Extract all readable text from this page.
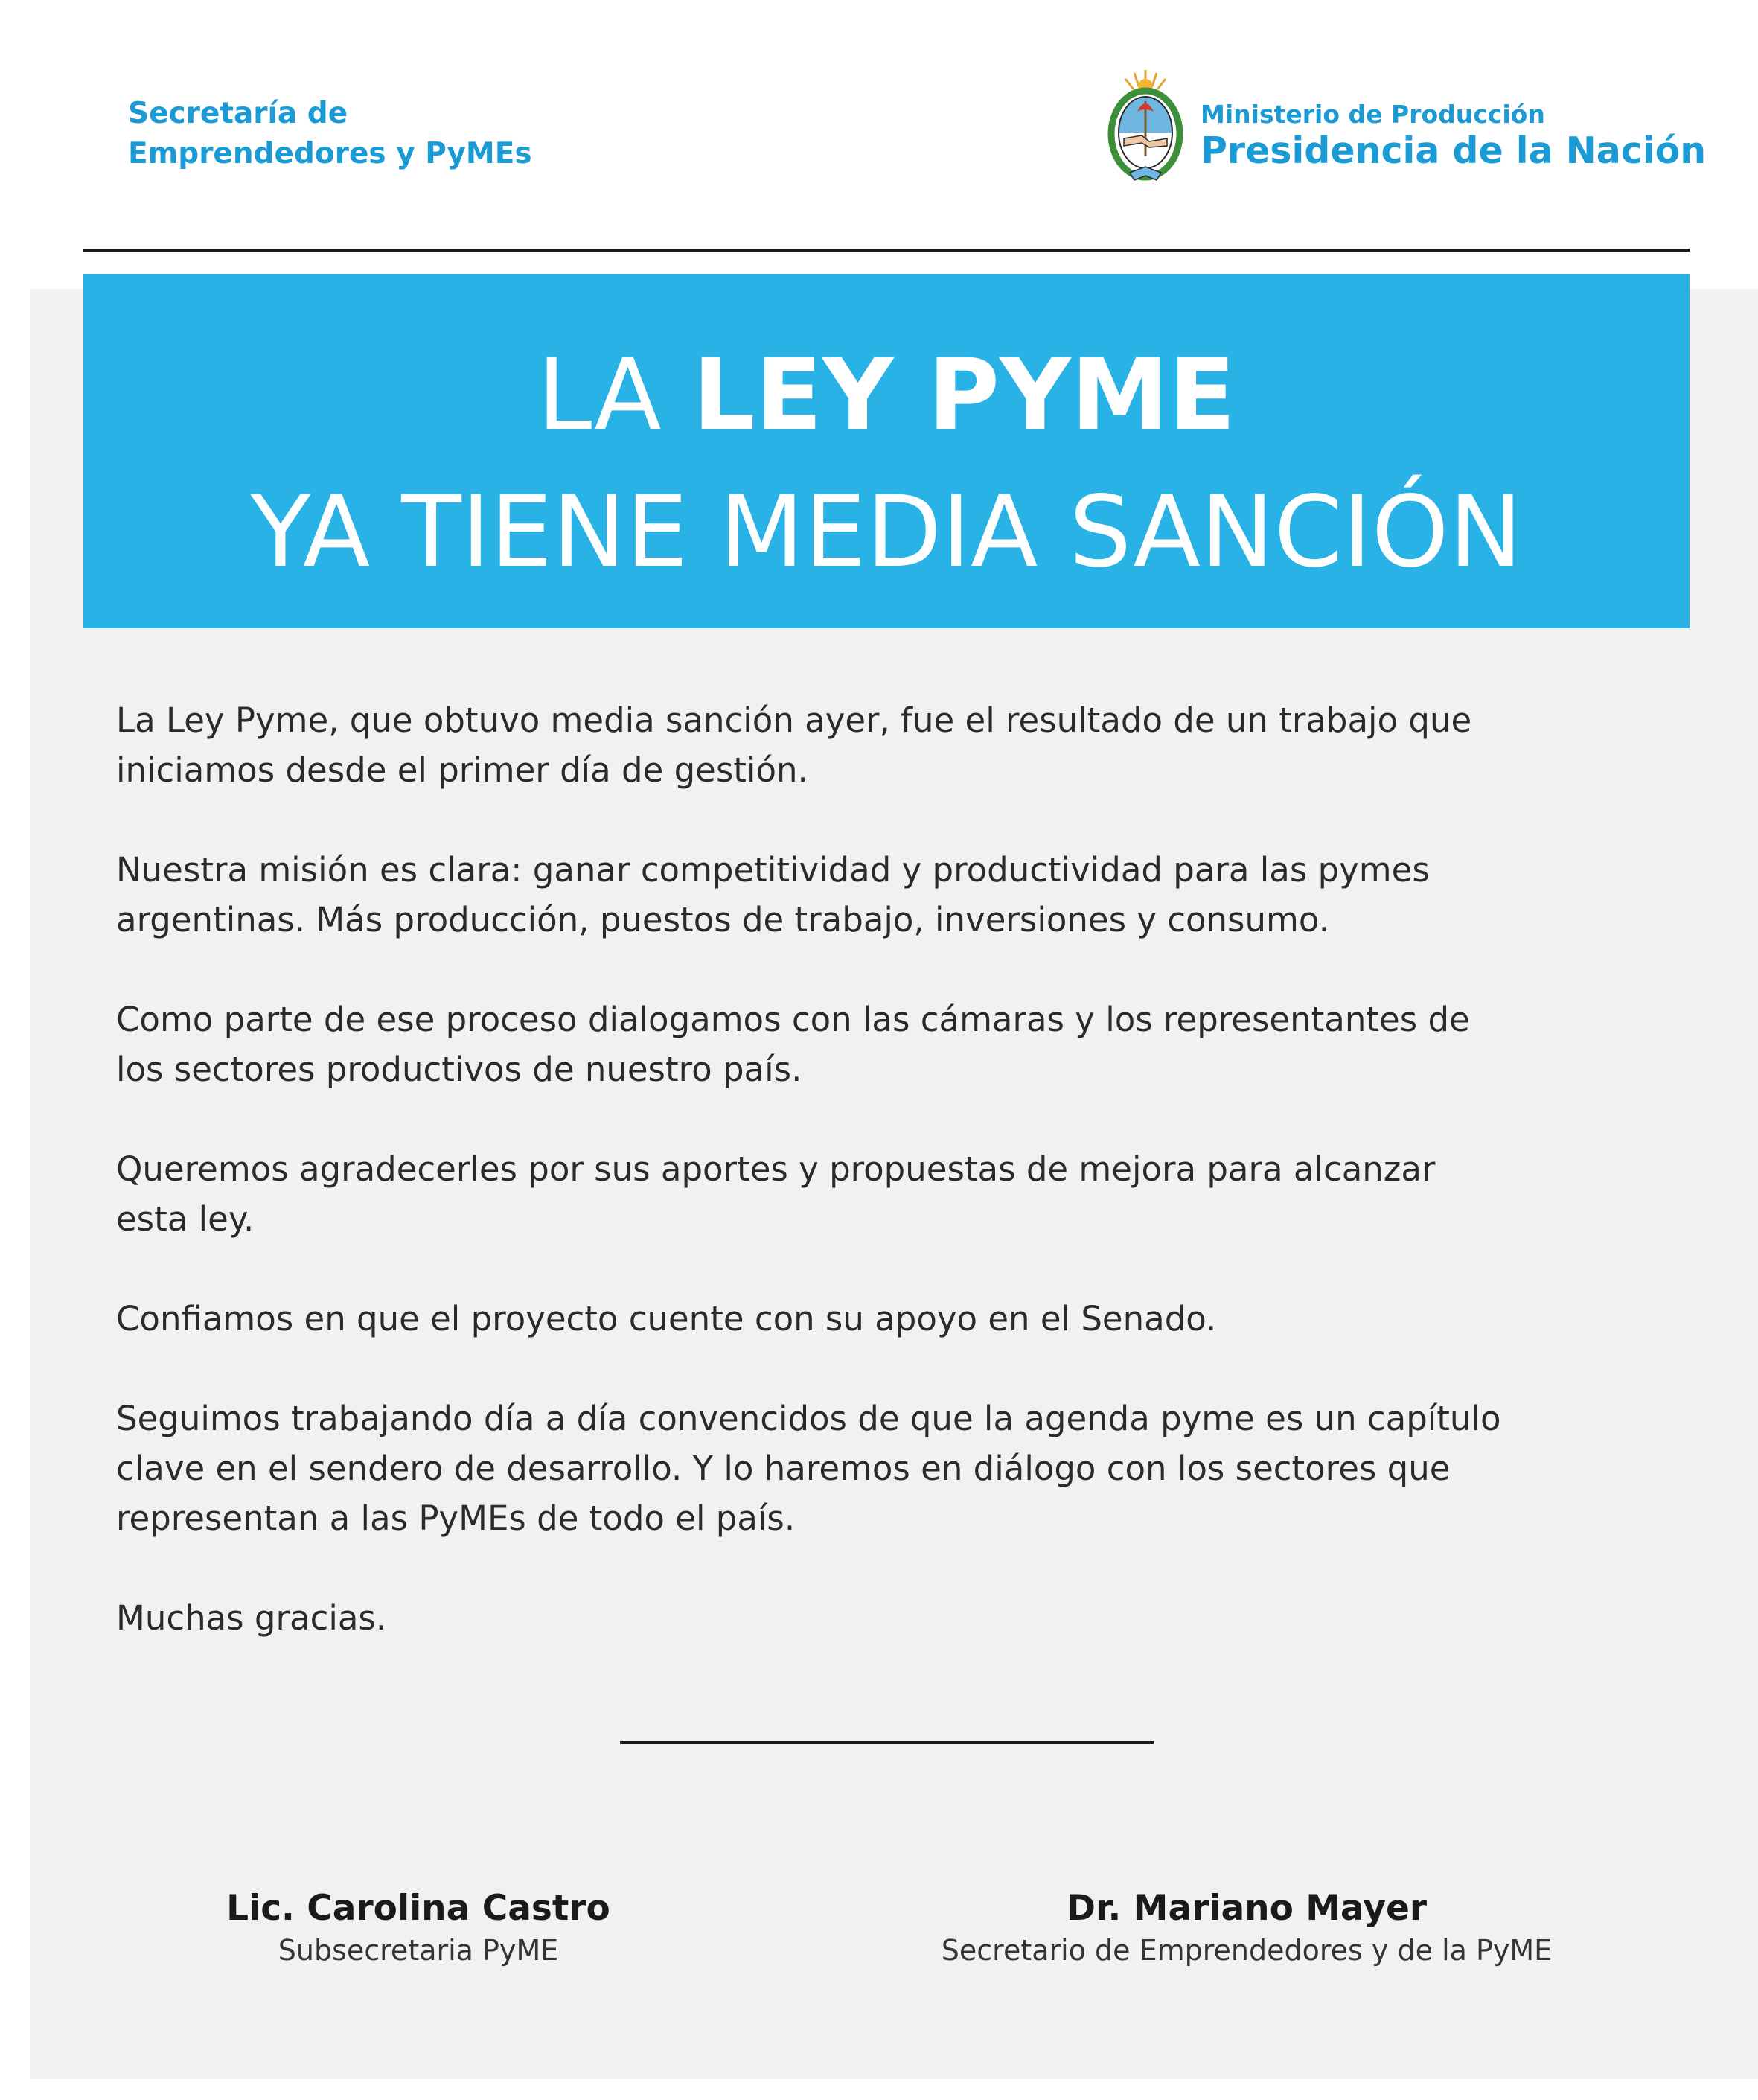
Secretaría de
Emprendedores y PyMEs
Ministerio de Producción
Presidencia de la Nación
LA LEY PYME
YA TIENE MEDIA SANCIÓN

La Ley Pyme, que obtuvo media sanción ayer, fue el resultado de un trabajo que
iniciamos desde el primer día de gestión.

Nuestra misión es clara: ganar competitividad y productividad para las pymes
argentinas. Más producción, puestos de trabajo, inversiones y consumo.

Como parte de ese proceso dialogamos con las cámaras y los representantes de
los sectores productivos de nuestro país.

Queremos agradecerles por sus aportes y propuestas de mejora para alcanzar
esta ley.

Confiamos en que el proyecto cuente con su apoyo en el Senado.

Seguimos trabajando día a día convencidos de que la agenda pyme es un capítulo
clave en el sendero de desarrollo. Y lo haremos en diálogo con los sectores que
representan a las PyMEs de todo el país.

Muchas gracias.

Lic. Carolina Castro
Subsecretaria PyME
Dr. Mariano Mayer
Secretario de Emprendedores y de la PyME
